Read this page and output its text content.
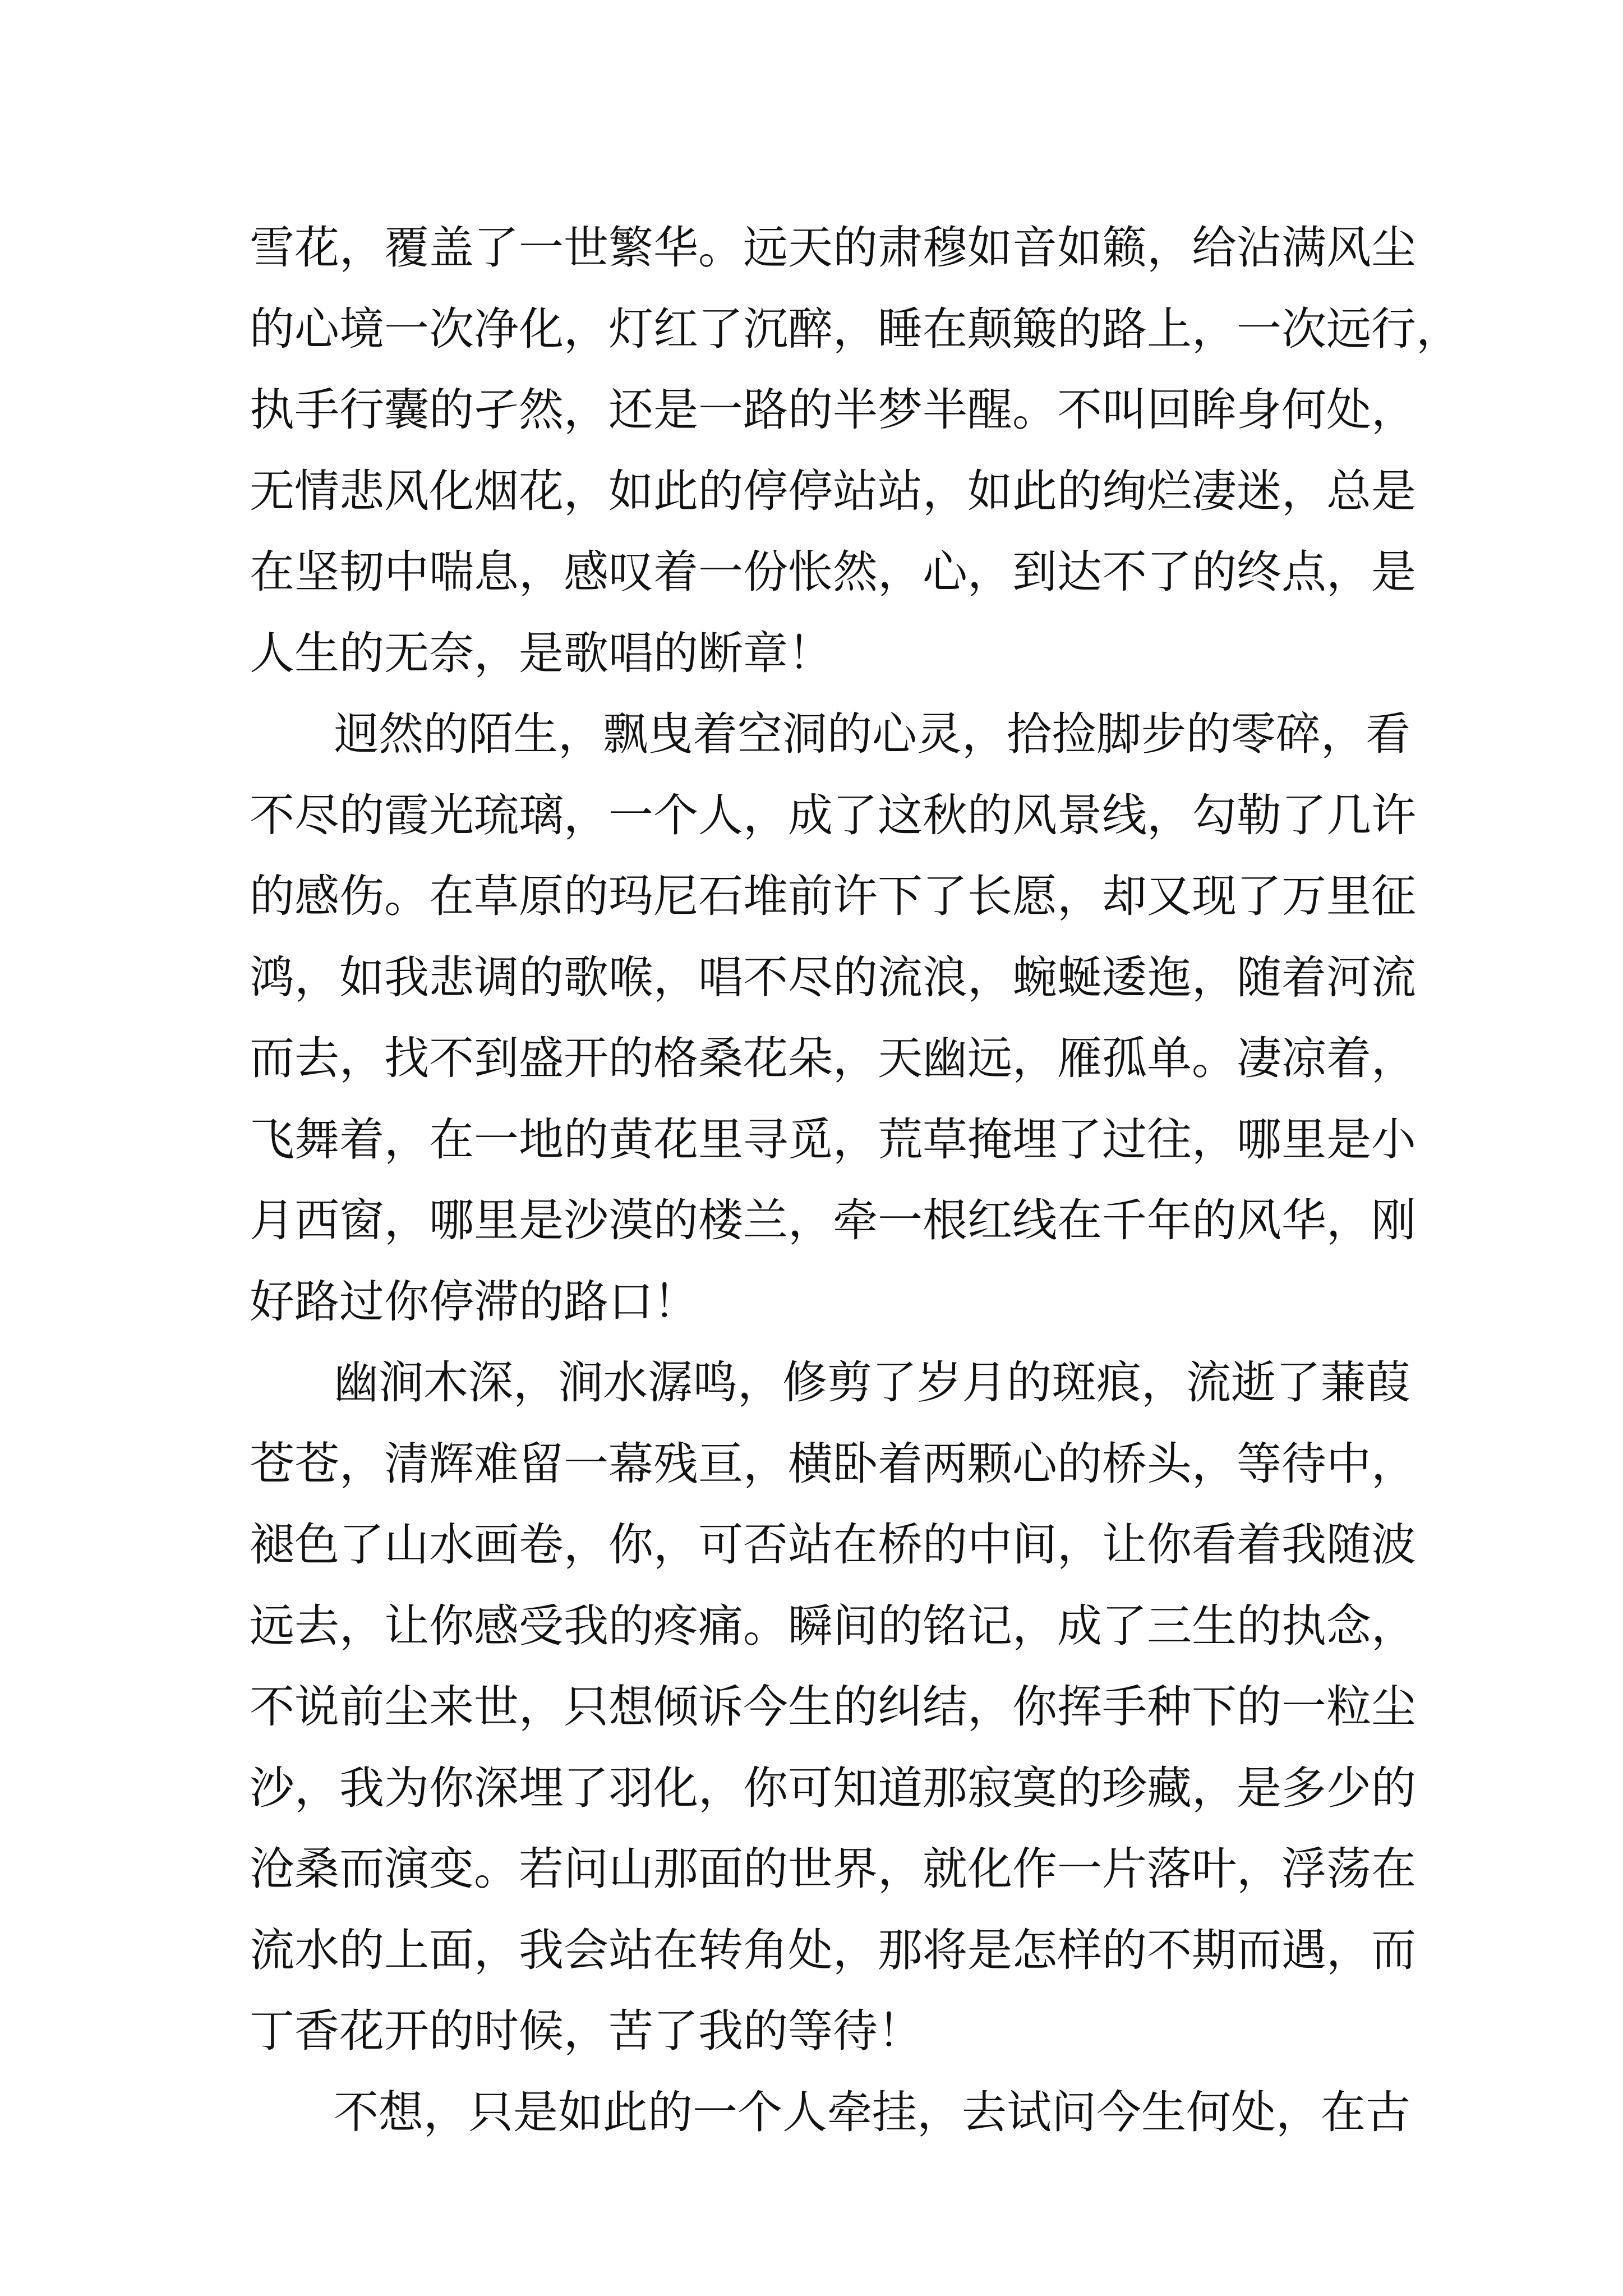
雪花，覆盖了一世繁华。远天的肃穆如音如籁，给沾满风尘
的心境一次净化，灯红了沉醉，睡在颠簸的路上，一次远行，
执手行囊的孑然，还是一路的半梦半醒。不叫回眸身何处，
无情悲风化烟花，如此的停停站站，如此的绚烂凄迷，总是
在坚韧中喘息，感叹着一份怅然，心，到达不了的终点，是
人生的无奈，是歌唱的断章！
迥然的陌生，飘曳着空洞的心灵，拾捡脚步的零碎，看
不尽的霞光琉璃，一个人，成了这秋的风景线，勾勒了几许
的感伤。在草原的玛尼石堆前许下了长愿，却又现了万里征
鸿，如我悲调的歌喉，唱不尽的流浪，蜿蜒逶迤，随着河流
而去，找不到盛开的格桑花朵，天幽远，雁孤单。凄凉着，
飞舞着，在一地的黄花里寻觅，荒草掩埋了过往，哪里是小
月西窗，哪里是沙漠的楼兰，牵一根红线在千年的风华，刚
好路过你停滞的路口！
幽涧木深，涧水潺鸣，修剪了岁月的斑痕，流逝了蒹葭
苍苍，清辉难留一幕残亘，横卧着两颗心的桥头，等待中，
褪色了山水画卷，你，可否站在桥的中间，让你看着我随波
远去，让你感受我的疼痛。瞬间的铭记，成了三生的执念，
不说前尘来世，只想倾诉今生的纠结，你挥手种下的一粒尘
沙，我为你深埋了羽化，你可知道那寂寞的珍藏，是多少的
沧桑而演变。若问山那面的世界，就化作一片落叶，浮荡在
流水的上面，我会站在转角处，那将是怎样的不期而遇，而
丁香花开的时候，苦了我的等待！
不想，只是如此的一个人牵挂，去试问今生何处，在古
